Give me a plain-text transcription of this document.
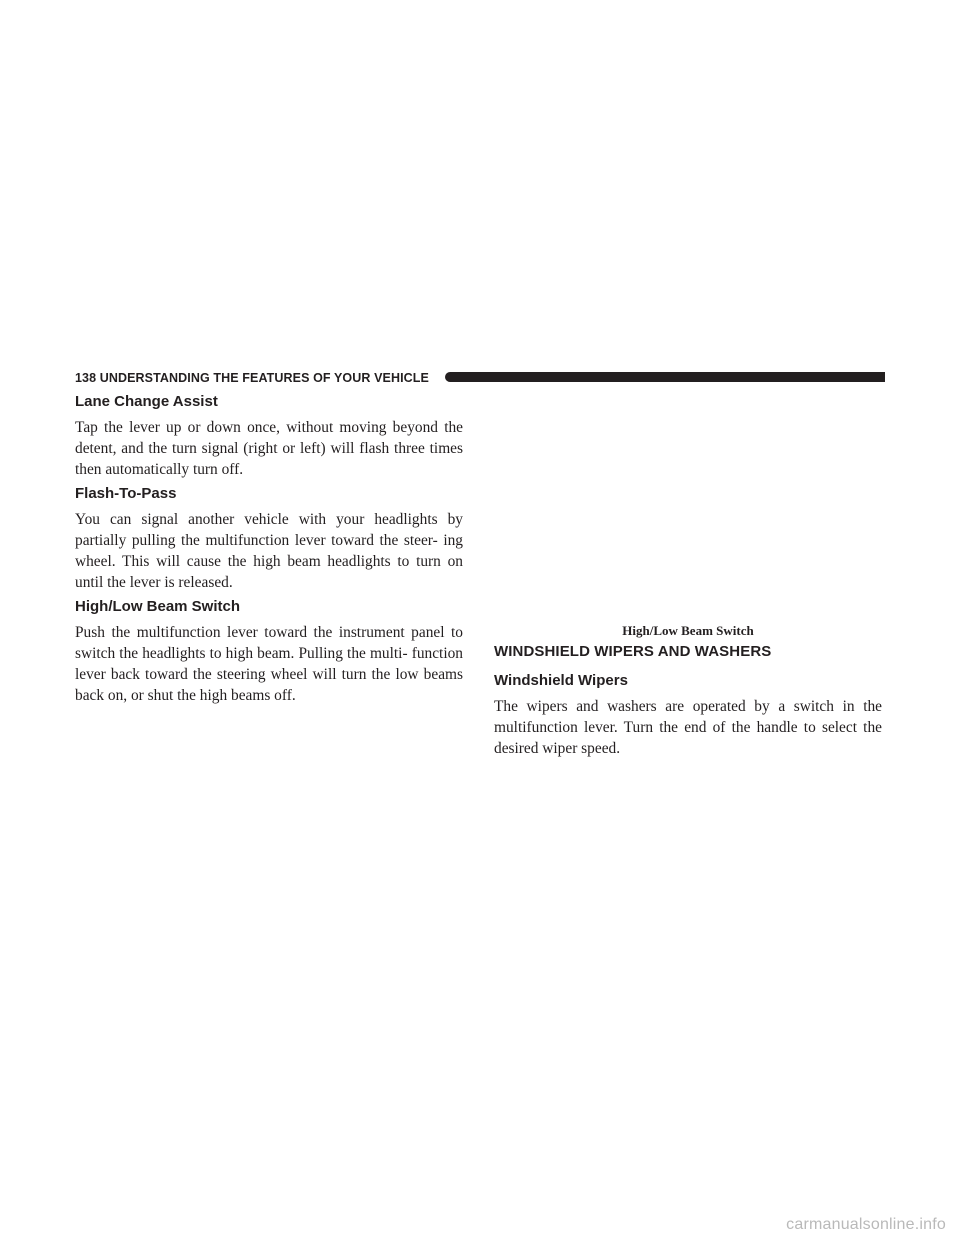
138 UNDERSTANDING THE FEATURES OF YOUR VEHICLE
Lane Change Assist

Tap the lever up or down once, without moving beyond the detent, and the turn signal (right or left) will flash three times then automatically turn off.

Flash-To-Pass

You can signal another vehicle with your headlights by partially pulling the multifunction lever toward the steer- ing wheel. This will cause the high beam headlights to turn on until the lever is released.

High/Low Beam Switch

Push the multifunction lever toward the instrument panel to switch the headlights to high beam. Pulling the multi- function lever back toward the steering wheel will turn the low beams back on, or shut the high beams off.

High/Low Beam Switch
WINDSHIELD WIPERS AND WASHERS
Windshield Wipers

The wipers and washers are operated by a switch in the multifunction lever. Turn the end of the handle to select the desired wiper speed.

carmanualsonline.info
